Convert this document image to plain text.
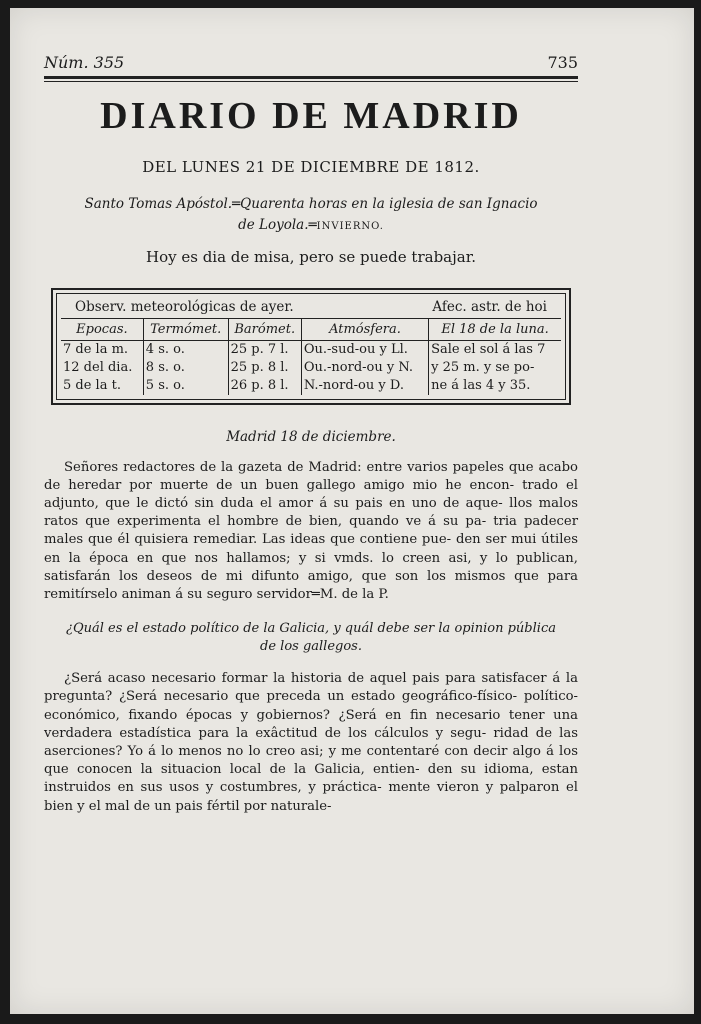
Núm. 355	735
DIARIO DE MADRID
DEL LUNES 21 DE DICIEMBRE DE 1812.
Santo Tomas Apóstol.═Quarenta horas en la iglesia de san Ignacio
de Loyola.═INVIERNO.
Hoy es dia de misa, pero se puede trabajar.
Observ. meteorológicas de ayer.	Afec. astr. de hoi
Epocas.	Termómet.	Barómet.	Atmósfera.	El 18 de la luna.
7 de la m.	4 s. o.	25 p. 7 l.	Ou.-sud-ou y Ll.	Sale el sol á las 7
12 del dia.	8 s. o.	25 p. 8 l.	Ou.-nord-ou y N.	y 25 m. y se po-
5 de la t.	5 s. o.	26 p. 8 l.	N.-nord-ou y D.	ne á las 4 y 35.
Madrid 18 de diciembre.
Señores redactores de la gazeta de Madrid: entre varios papeles que acabo de heredar por muerte de un buen gallego amigo mio he encon- trado el adjunto, que le dictó sin duda el amor á su pais en uno de aque- llos malos ratos que experimenta el hombre de bien, quando ve á su pa- tria padecer males que él quisiera remediar. Las ideas que contiene pue- den ser mui útiles en la época en que nos hallamos; y si vmds. lo creen asi, y lo publican, satisfarán los deseos de mi difunto amigo, que son los mismos que para remitírselo animan á su seguro servidor═M. de la P.
¿Quál es el estado político de la Galicia, y quál debe ser la opinion pública
de los gallegos.
¿Será acaso necesario formar la historia de aquel pais para satisfacer á la pregunta? ¿Será necesario que preceda un estado geográfico-físico- político-económico, fixando épocas y gobiernos? ¿Será en fin necesario tener una verdadera estadística para la exâctitud de los cálculos y segu- ridad de las aserciones? Yo á lo menos no lo creo asi; y me contentaré con decir algo á los que conocen la situacion local de la Galicia, entien- den su idioma, estan instruidos en sus usos y costumbres, y práctica- mente vieron y palparon el bien y el mal de un pais fértil por naturale-
